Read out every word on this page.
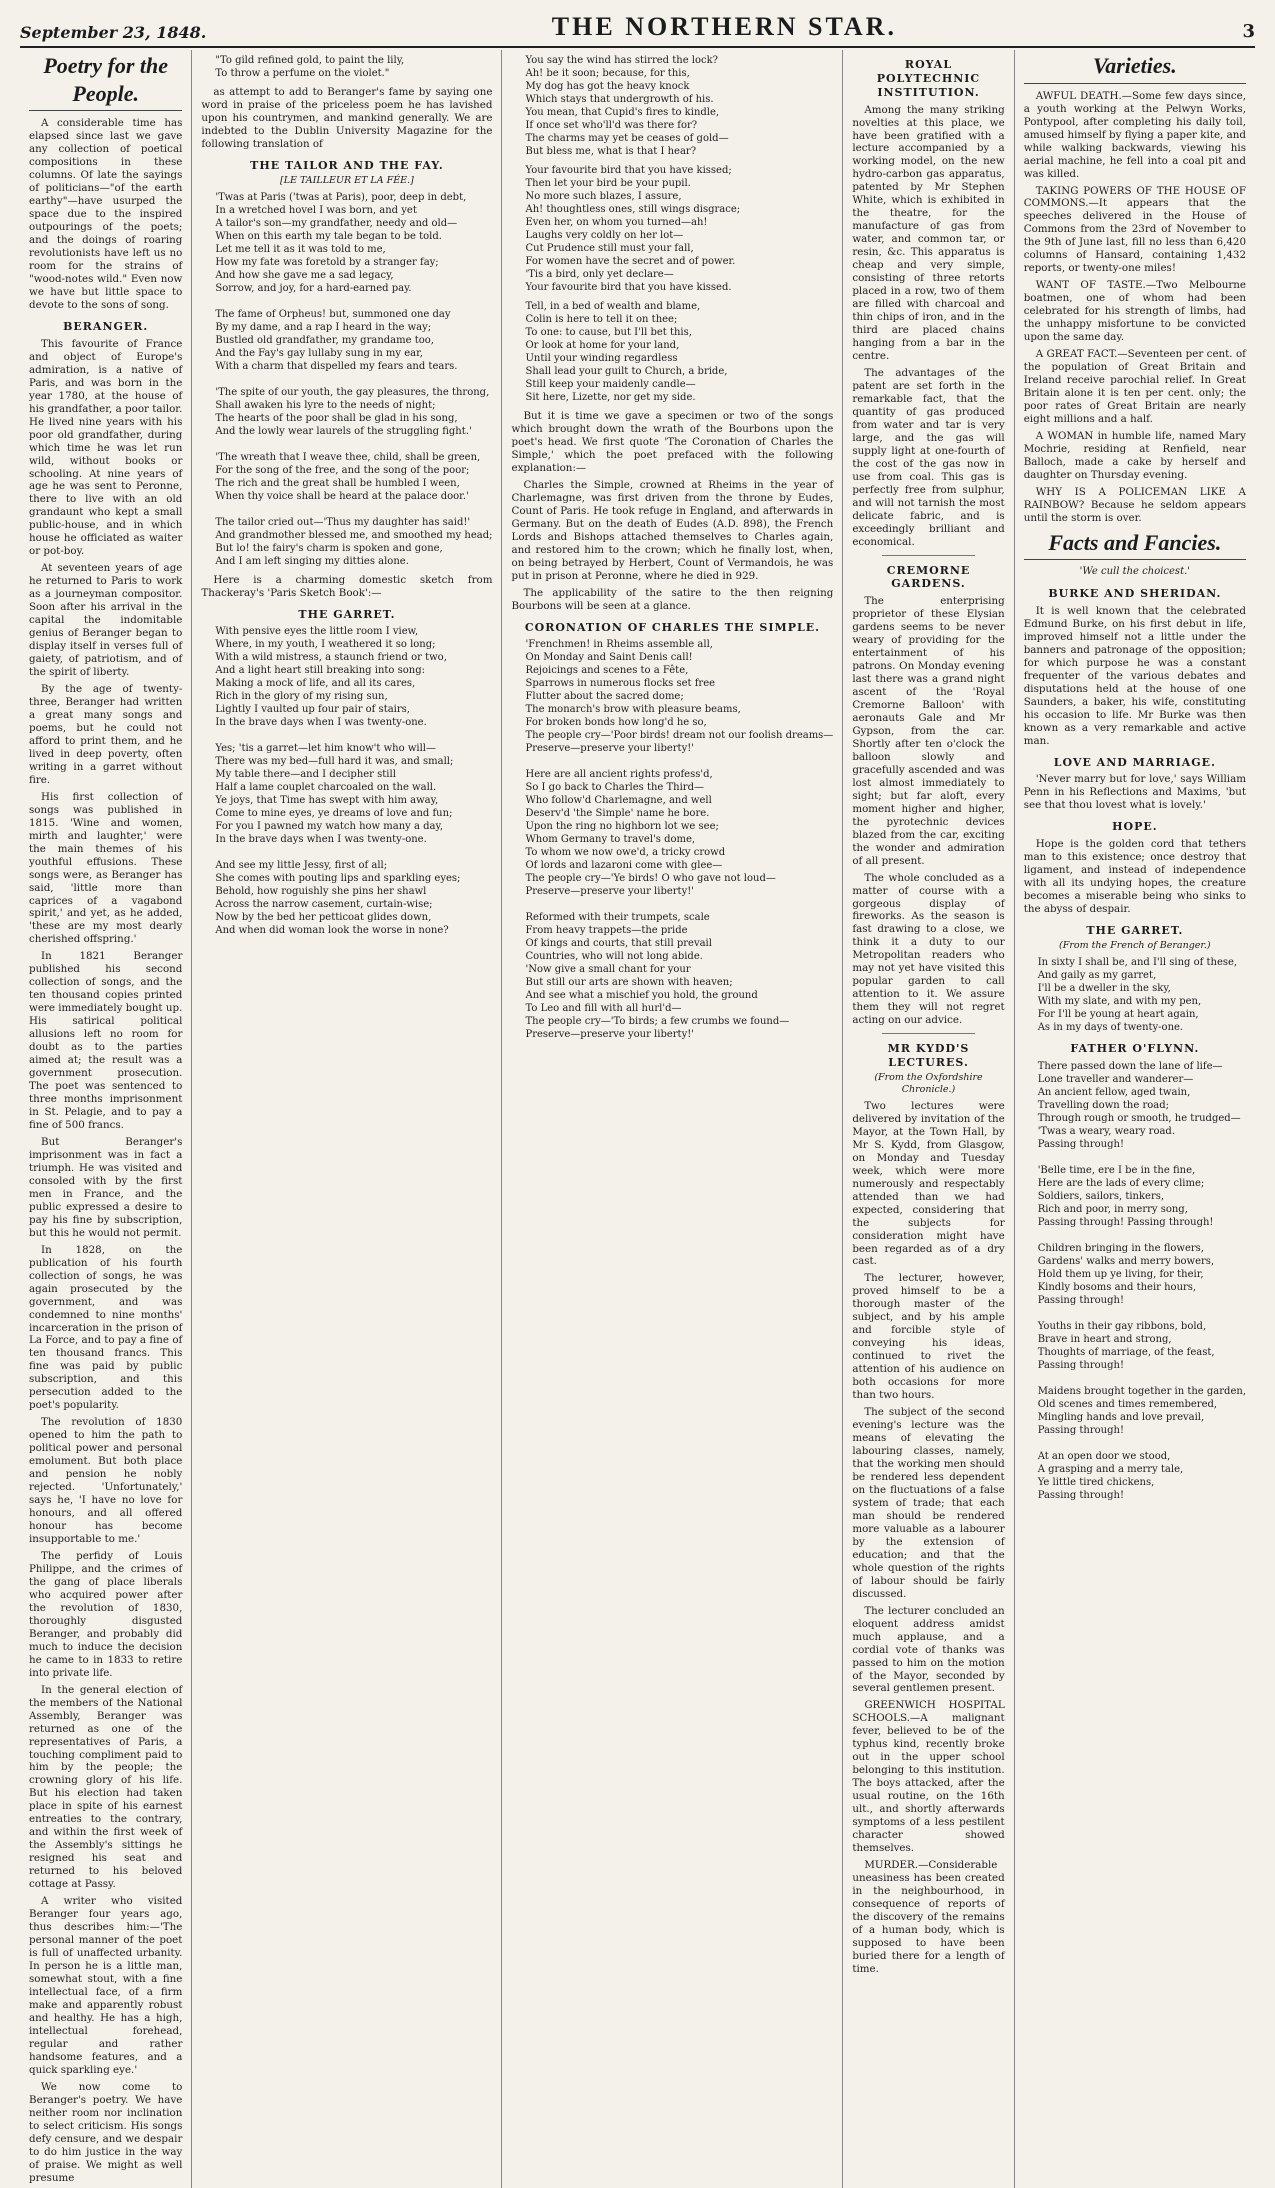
September 23, 1848.	THE NORTHERN STAR.	3
Poetry for the People.

A considerable time has elapsed since last we gave any collection of poetical compositions in these columns. Of late the sayings of politicians—"of the earth earthy"—have usurped the space due to the inspired outpourings of the poets; and the doings of roaring revolutionists have left us no room for the strains of "wood-notes wild." Even now we have but little space to devote to the sons of song.

BERANGER.

This favourite of France and object of Europe's admiration, is a native of Paris, and was born in the year 1780, at the house of his grandfather, a poor tailor. He lived nine years with his poor old grandfather, during which time he was let run wild, without books or schooling. At nine years of age he was sent to Peronne, there to live with an old grandaunt who kept a small public-house, and in which house he officiated as waiter or pot-boy.

At seventeen years of age he returned to Paris to work as a journeyman compositor. Soon after his arrival in the capital the indomitable genius of Beranger began to display itself in verses full of gaiety, of patriotism, and of the spirit of liberty.

By the age of twenty-three, Beranger had written a great many songs and poems, but he could not afford to print them, and he lived in deep poverty, often writing in a garret without fire.

His first collection of songs was published in 1815. 'Wine and women, mirth and laughter,' were the main themes of his youthful effusions. These songs were, as Beranger has said, 'little more than caprices of a vagabond spirit,' and yet, as he added, 'these are my most dearly cherished offspring.'

In 1821 Beranger published his second collection of songs, and the ten thousand copies printed were immediately bought up. His satirical political allusions left no room for doubt as to the parties aimed at; the result was a government prosecution. The poet was sentenced to three months imprisonment in St. Pelagie, and to pay a fine of 500 francs.

But Beranger's imprisonment was in fact a triumph. He was visited and consoled with by the first men in France, and the public expressed a desire to pay his fine by subscription, but this he would not permit.

In 1828, on the publication of his fourth collection of songs, he was again prosecuted by the government, and was condemned to nine months' incarceration in the prison of La Force, and to pay a fine of ten thousand francs. This fine was paid by public subscription, and this persecution added to the poet's popularity.

The revolution of 1830 opened to him the path to political power and personal emolument. But both place and pension he nobly rejected. 'Unfortunately,' says he, 'I have no love for honours, and all offered honour has become insupportable to me.'

The perfidy of Louis Philippe, and the crimes of the gang of place liberals who acquired power after the revolution of 1830, thoroughly disgusted Beranger, and probably did much to induce the decision he came to in 1833 to retire into private life.

In the general election of the members of the National Assembly, Beranger was returned as one of the representatives of Paris, a touching compliment paid to him by the people; the crowning glory of his life. But his election had taken place in spite of his earnest entreaties to the contrary, and within the first week of the Assembly's sittings he resigned his seat and returned to his beloved cottage at Passy.

A writer who visited Beranger four years ago, thus describes him:—'The personal manner of the poet is full of unaffected urbanity. In person he is a little man, somewhat stout, with a fine intellectual face, of a firm make and apparently robust and healthy. He has a high, intellectual forehead, regular and rather handsome features, and a quick sparkling eye.'

We now come to Beranger's poetry. We have neither room nor inclination to select criticism. His songs defy censure, and we despair to do him justice in the way of praise. We might as well presume

"To gild refined gold, to paint the lily,
To throw a perfume on the violet."

as attempt to add to Beranger's fame by saying one word in praise of the priceless poem he has lavished upon his countrymen, and mankind generally. We are indebted to the Dublin University Magazine for the following translation of

THE TAILOR AND THE FAY.
[LE TAILLEUR ET LA FÉE.]
'Twas at Paris ('twas at Paris), poor, deep in debt,
In a wretched hovel I was born, and yet
A tailor's son—my grandfather, needy and old—
When on this earth my tale began to be told.
Let me tell it as it was told to me,
How my fate was foretold by a stranger fay;
And how she gave me a sad legacy,
Sorrow, and joy, for a hard-earned pay.

The fame of Orpheus! but, summoned one day
By my dame, and a rap I heard in the way;
Bustled old grandfather, my grandame too,
And the Fay's gay lullaby sung in my ear,
With a charm that dispelled my fears and tears.

'The spite of our youth, the gay pleasures, the throng,
Shall awaken his lyre to the needs of night;
The hearts of the poor shall be glad in his song,
And the lowly wear laurels of the struggling fight.'

'The wreath that I weave thee, child, shall be green,
For the song of the free, and the song of the poor;
The rich and the great shall be humbled I ween,
When thy voice shall be heard at the palace door.'

The tailor cried out—'Thus my daughter has said!'
And grandmother blessed me, and smoothed my head;
But lo! the fairy's charm is spoken and gone,
And I am left singing my ditties alone.

Here is a charming domestic sketch from Thackeray's 'Paris Sketch Book':—

THE GARRET.
With pensive eyes the little room I view,
Where, in my youth, I weathered it so long;
With a wild mistress, a staunch friend or two,
And a light heart still breaking into song:
Making a mock of life, and all its cares,
Rich in the glory of my rising sun,
Lightly I vaulted up four pair of stairs,
In the brave days when I was twenty-one.

Yes; 'tis a garret—let him know't who will—
There was my bed—full hard it was, and small;
My table there—and I decipher still
Half a lame couplet charcoaled on the wall.
Ye joys, that Time has swept with him away,
Come to mine eyes, ye dreams of love and fun;
For you I pawned my watch how many a day,
In the brave days when I was twenty-one.

And see my little Jessy, first of all;
She comes with pouting lips and sparkling eyes;
Behold, how roguishly she pins her shawl
Across the narrow casement, curtain-wise;
Now by the bed her petticoat glides down,
And when did woman look the worse in none?
You say the wind has stirred the lock?
Ah! be it soon; because, for this,
My dog has got the heavy knock
Which stays that undergrowth of his.
You mean, that Cupid's fires to kindle,
If once set who'll'd was there for?
The charms may yet be ceases of gold—
But bless me, what is that I hear?
Your favourite bird that you have kissed;
Then let your bird be your pupil.
No more such blazes, I assure,
Ah! thoughtless ones, still wings disgrace;
Even her, on whom you turned—ah!
Laughs very coldly on her lot—
Cut Prudence still must your fall,
For women have the secret and of power.
'Tis a bird, only yet declare—
Your favourite bird that you have kissed.
Tell, in a bed of wealth and blame,
Colin is here to tell it on thee;
To one: to cause, but I'll bet this,
Or look at home for your land,
Until your winding regardless
Shall lead your guilt to Church, a bride,
Still keep your maidenly candle—
Sit here, Lizette, nor get my side.

But it is time we gave a specimen or two of the songs which brought down the wrath of the Bourbons upon the poet's head. We first quote 'The Coronation of Charles the Simple,' which the poet prefaced with the following explanation:—

Charles the Simple, crowned at Rheims in the year of Charlemagne, was first driven from the throne by Eudes, Count of Paris. He took refuge in England, and afterwards in Germany. But on the death of Eudes (A.D. 898), the French Lords and Bishops attached themselves to Charles again, and restored him to the crown; which he finally lost, when, on being betrayed by Herbert, Count of Vermandois, he was put in prison at Peronne, where he died in 929.

The applicability of the satire to the then reigning Bourbons will be seen at a glance.

CORONATION OF CHARLES THE SIMPLE.
'Frenchmen! in Rheims assemble all,
On Monday and Saint Denis call!
Rejoicings and scenes to a Fête,
Sparrows in numerous flocks set free
Flutter about the sacred dome;
The monarch's brow with pleasure beams,
For broken bonds how long'd he so,
The people cry—'Poor birds! dream not our foolish dreams—
Preserve—preserve your liberty!'

Here are all ancient rights profess'd,
So I go back to Charles the Third—
Who follow'd Charlemagne, and well
Deserv'd 'the Simple' name he bore.
Upon the ring no highborn lot we see;
Whom Germany to travel's dome,
To whom we now owe'd, a tricky crowd
Of lords and lazaroni come with glee—
The people cry—'Ye birds! O who gave not loud—
Preserve—preserve your liberty!'

Reformed with their trumpets, scale
From heavy trappets—the pride
Of kings and courts, that still prevail
Countries, who will not long abide.
'Now give a small chant for your
But still our arts are shown with heaven;
And see what a mischief you hold, the ground
To Leo and fill with all hurl'd—
The people cry—'To birds; a few crumbs we found—
Preserve—preserve your liberty!'
ROYAL POLYTECHNIC INSTITUTION.

Among the many striking novelties at this place, we have been gratified with a lecture accompanied by a working model, on the new hydro-carbon gas apparatus, patented by Mr Stephen White, which is exhibited in the theatre, for the manufacture of gas from water, and common tar, or resin, &c. This apparatus is cheap and very simple, consisting of three retorts placed in a row, two of them are filled with charcoal and thin chips of iron, and in the third are placed chains hanging from a bar in the centre.

The advantages of the patent are set forth in the remarkable fact, that the quantity of gas produced from water and tar is very large, and the gas will supply light at one-fourth of the cost of the gas now in use from coal. This gas is perfectly free from sulphur, and will not tarnish the most delicate fabric, and is exceedingly brilliant and economical.

CREMORNE GARDENS.

The enterprising proprietor of these Elysian gardens seems to be never weary of providing for the entertainment of his patrons. On Monday evening last there was a grand night ascent of the 'Royal Cremorne Balloon' with aeronauts Gale and Mr Gypson, from the car. Shortly after ten o'clock the balloon slowly and gracefully ascended and was lost almost immediately to sight; but far aloft, every moment higher and higher, the pyrotechnic devices blazed from the car, exciting the wonder and admiration of all present.

The whole concluded as a matter of course with a gorgeous display of fireworks. As the season is fast drawing to a close, we think it a duty to our Metropolitan readers who may not yet have visited this popular garden to call attention to it. We assure them they will not regret acting on our advice.

MR KYDD'S LECTURES.
(From the Oxfordshire Chronicle.)

Two lectures were delivered by invitation of the Mayor, at the Town Hall, by Mr S. Kydd, from Glasgow, on Monday and Tuesday week, which were more numerously and respectably attended than we had expected, considering that the subjects for consideration might have been regarded as of a dry cast.

The lecturer, however, proved himself to be a thorough master of the subject, and by his ample and forcible style of conveying his ideas, continued to rivet the attention of his audience on both occasions for more than two hours.

The subject of the second evening's lecture was the means of elevating the labouring classes, namely, that the working men should be rendered less dependent on the fluctuations of a false system of trade; that each man should be rendered more valuable as a labourer by the extension of education; and that the whole question of the rights of labour should be fairly discussed.

The lecturer concluded an eloquent address amidst much applause, and a cordial vote of thanks was passed to him on the motion of the Mayor, seconded by several gentlemen present.

GREENWICH HOSPITAL SCHOOLS.—A malignant fever, believed to be of the typhus kind, recently broke out in the upper school belonging to this institution. The boys attacked, after the usual routine, on the 16th ult., and shortly afterwards symptoms of a less pestilent character showed themselves.

MURDER.—Considerable uneasiness has been created in the neighbourhood, in consequence of reports of the discovery of the remains of a human body, which is supposed to have been buried there for a length of time.

Varieties.

AWFUL DEATH.—Some few days since, a youth working at the Pelwyn Works, Pontypool, after completing his daily toil, amused himself by flying a paper kite, and while walking backwards, viewing his aerial machine, he fell into a coal pit and was killed.

TAKING POWERS OF THE HOUSE OF COMMONS.—It appears that the speeches delivered in the House of Commons from the 23rd of November to the 9th of June last, fill no less than 6,420 columns of Hansard, containing 1,432 reports, or twenty-one miles!

WANT OF TASTE.—Two Melbourne boatmen, one of whom had been celebrated for his strength of limbs, had the unhappy misfortune to be convicted upon the same day.

A GREAT FACT.—Seventeen per cent. of the population of Great Britain and Ireland receive parochial relief. In Great Britain alone it is ten per cent. only; the poor rates of Great Britain are nearly eight millions and a half.

A WOMAN in humble life, named Mary Mochrie, residing at Renfield, near Balloch, made a cake by herself and daughter on Thursday evening.

WHY IS A POLICEMAN LIKE A RAINBOW? Because he seldom appears until the storm is over.

Facts and Fancies.
'We cull the choicest.'
BURKE AND SHERIDAN.

It is well known that the celebrated Edmund Burke, on his first debut in life, improved himself not a little under the banners and patronage of the opposition; for which purpose he was a constant frequenter of the various debates and disputations held at the house of one Saunders, a baker, his wife, constituting his occasion to life. Mr Burke was then known as a very remarkable and active man.

LOVE AND MARRIAGE.

'Never marry but for love,' says William Penn in his Reflections and Maxims, 'but see that thou lovest what is lovely.'

HOPE.

Hope is the golden cord that tethers man to this existence; once destroy that ligament, and instead of independence with all its undying hopes, the creature becomes a miserable being who sinks to the abyss of despair.

THE GARRET.
(From the French of Beranger.)
In sixty I shall be, and I'll sing of these,
And gaily as my garret,
I'll be a dweller in the sky,
With my slate, and with my pen,
For I'll be young at heart again,
As in my days of twenty-one.
FATHER O'FLYNN.
There passed down the lane of life—
Lone traveller and wanderer—
An ancient fellow, aged twain,
Travelling down the road;
Through rough or smooth, he trudged—
'Twas a weary, weary road.
Passing through!

'Belle time, ere I be in the fine,
Here are the lads of every clime;
Soldiers, sailors, tinkers,
Rich and poor, in merry song,
Passing through! Passing through!

Children bringing in the flowers,
Gardens' walks and merry bowers,
Hold them up ye living, for their,
Kindly bosoms and their hours,
Passing through!

Youths in their gay ribbons, bold,
Brave in heart and strong,
Thoughts of marriage, of the feast,
Passing through!

Maidens brought together in the garden,
Old scenes and times remembered,
Mingling hands and love prevail,
Passing through!

At an open door we stood,
A grasping and a merry tale,
Ye little tired chickens,
Passing through!
